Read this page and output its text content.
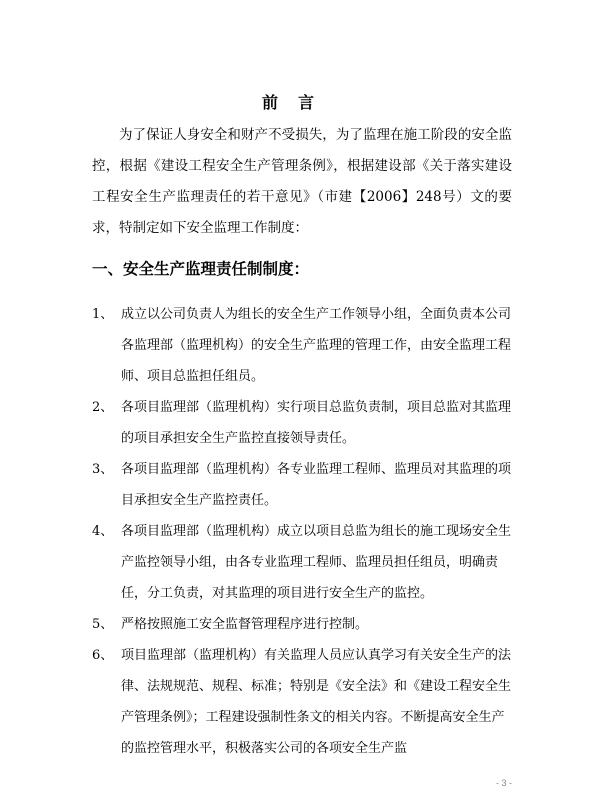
前言

为了保证人身安全和财产不受损失，为了监理在施工阶段的安全监控，根据《建设工程安全生产管理条例》，根据建设部《关于落实建设工程安全生产监理责任的若干意见》（市建【2006】248号）文的要求，特制定如下安全监理工作制度：

一、安全生产监理责任制制度：
1、 成立以公司负责人为组长的安全生产工作领导小组，全面负责本公司各监理部（监理机构）的安全生产监理的管理工作，由安全监理工程师、项目总监担任组员。
2、 各项目监理部（监理机构）实行项目总监负责制，项目总监对其监理的项目承担安全生产监控直接领导责任。
3、 各项目监理部（监理机构）各专业监理工程师、监理员对其监理的项目承担安全生产监控责任。
4、 各项目监理部（监理机构）成立以项目总监为组长的施工现场安全生产监控领导小组，由各专业监理工程师、监理员担任组员，明确责任，分工负责，对其监理的项目进行安全生产的监控。
5、 严格按照施工安全监督管理程序进行控制。
6、 项目监理部（监理机构）有关监理人员应认真学习有关安全生产的法律、法规规范、规程、标准；特别是《安全法》和《建设工程安全生产管理条例》；工程建设强制性条文的相关内容。不断提高安全生产的监控管理水平，积极落实公司的各项安全生产监
- 3 -
